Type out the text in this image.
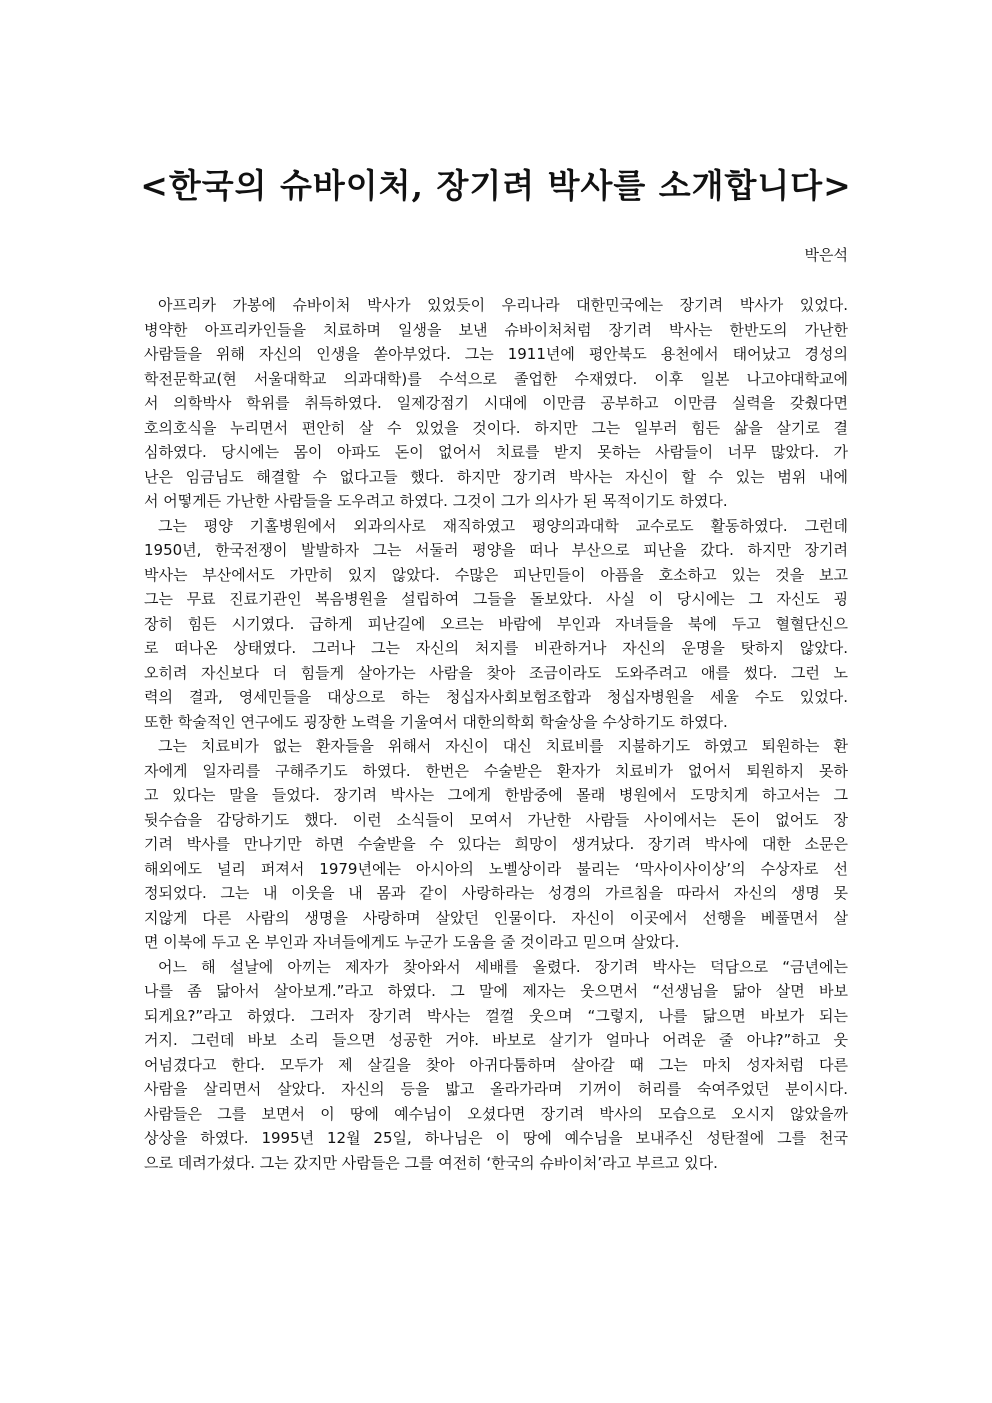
<한국의 슈바이처, 장기려 박사를 소개합니다>
박은석
아프리카 가봉에 슈바이처 박사가 있었듯이 우리나라 대한민국에는 장기려 박사가 있었다.
병약한 아프리카인들을 치료하며 일생을 보낸 슈바이처처럼 장기려 박사는 한반도의 가난한
사람들을 위해 자신의 인생을 쏟아부었다. 그는 1911년에 평안북도 용천에서 태어났고 경성의
학전문학교(현 서울대학교 의과대학)를 수석으로 졸업한 수재였다. 이후 일본 나고야대학교에
서 의학박사 학위를 취득하였다. 일제강점기 시대에 이만큼 공부하고 이만큼 실력을 갖췄다면
호의호식을 누리면서 편안히 살 수 있었을 것이다. 하지만 그는 일부러 힘든 삶을 살기로 결
심하였다. 당시에는 몸이 아파도 돈이 없어서 치료를 받지 못하는 사람들이 너무 많았다. 가
난은 임금님도 해결할 수 없다고들 했다. 하지만 장기려 박사는 자신이 할 수 있는 범위 내에
서 어떻게든 가난한 사람들을 도우려고 하였다. 그것이 그가 의사가 된 목적이기도 하였다.
그는 평양 기홀병원에서 외과의사로 재직하였고 평양의과대학 교수로도 활동하였다. 그런데
1950년, 한국전쟁이 발발하자 그는 서둘러 평양을 떠나 부산으로 피난을 갔다. 하지만 장기려
박사는 부산에서도 가만히 있지 않았다. 수많은 피난민들이 아픔을 호소하고 있는 것을 보고
그는 무료 진료기관인 복음병원을 설립하여 그들을 돌보았다. 사실 이 당시에는 그 자신도 굉
장히 힘든 시기였다. 급하게 피난길에 오르는 바람에 부인과 자녀들을 북에 두고 혈혈단신으
로 떠나온 상태였다. 그러나 그는 자신의 처지를 비관하거나 자신의 운명을 탓하지 않았다.
오히려 자신보다 더 힘들게 살아가는 사람을 찾아 조금이라도 도와주려고 애를 썼다. 그런 노
력의 결과, 영세민들을 대상으로 하는 청십자사회보험조합과 청십자병원을 세울 수도 있었다.
또한 학술적인 연구에도 굉장한 노력을 기울여서 대한의학회 학술상을 수상하기도 하였다.
그는 치료비가 없는 환자들을 위해서 자신이 대신 치료비를 지불하기도 하였고 퇴원하는 환
자에게 일자리를 구해주기도 하였다. 한번은 수술받은 환자가 치료비가 없어서 퇴원하지 못하
고 있다는 말을 들었다. 장기려 박사는 그에게 한밤중에 몰래 병원에서 도망치게 하고서는 그
뒷수습을 감당하기도 했다. 이런 소식들이 모여서 가난한 사람들 사이에서는 돈이 없어도 장
기려 박사를 만나기만 하면 수술받을 수 있다는 희망이 생겨났다. 장기려 박사에 대한 소문은
해외에도 널리 퍼져서 1979년에는 아시아의 노벨상이라 불리는 ‘막사이사이상’의 수상자로 선
정되었다. 그는 내 이웃을 내 몸과 같이 사랑하라는 성경의 가르침을 따라서 자신의 생명 못
지않게 다른 사람의 생명을 사랑하며 살았던 인물이다. 자신이 이곳에서 선행을 베풀면서 살
면 이북에 두고 온 부인과 자녀들에게도 누군가 도움을 줄 것이라고 믿으며 살았다.
어느 해 설날에 아끼는 제자가 찾아와서 세배를 올렸다. 장기려 박사는 덕담으로 “금년에는
나를 좀 닮아서 살아보게.”라고 하였다. 그 말에 제자는 웃으면서 “선생님을 닮아 살면 바보
되게요?”라고 하였다. 그러자 장기려 박사는 껄껄 웃으며 “그렇지, 나를 닮으면 바보가 되는
거지. 그런데 바보 소리 들으면 성공한 거야. 바보로 살기가 얼마나 어려운 줄 아냐?”하고 웃
어넘겼다고 한다. 모두가 제 살길을 찾아 아귀다툼하며 살아갈 때 그는 마치 성자처럼 다른
사람을 살리면서 살았다. 자신의 등을 밟고 올라가라며 기꺼이 허리를 숙여주었던 분이시다.
사람들은 그를 보면서 이 땅에 예수님이 오셨다면 장기려 박사의 모습으로 오시지 않았을까
상상을 하였다. 1995년 12월 25일, 하나님은 이 땅에 예수님을 보내주신 성탄절에 그를 천국
으로 데려가셨다. 그는 갔지만 사람들은 그를 여전히 ‘한국의 슈바이처’라고 부르고 있다.
